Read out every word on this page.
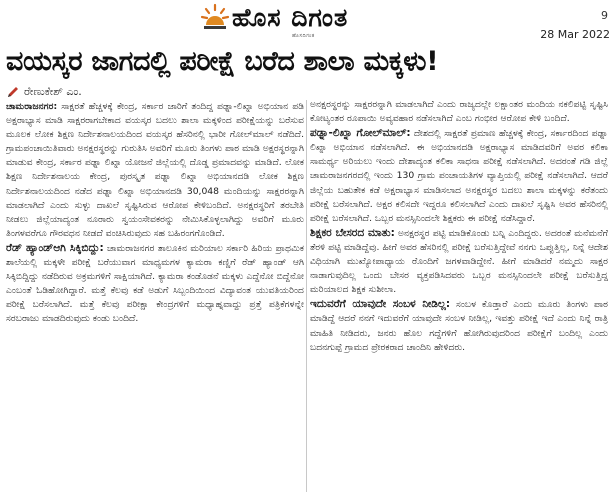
ಹೊಸ ದಿಗಂತ
ಹೊಸದಿಗಂತ
9
28 Mar 2022
ವಯಸ್ಕರ ಜಾಗದಲ್ಲಿ ಪರೀಕ್ಷೆ ಬರೆದ ಶಾಲಾ ಮಕ್ಕಳು!
ರೇಣುಕೇಶ್ ಎಂ.

ಚಾಮರಾಜನಗರ: ಸಾಕ್ಷರತೆ ಹೆಚ್ಚಳಕ್ಕೆ ಕೇಂದ್ರ, ಸರ್ಕಾರ ಜಾರಿಗೆ ತಂದಿದ್ದ ಪಢ್ನಾ-ಲಿಖ್ನಾ ಅಭಿಯಾನ ಪಡಿ ಅಕ್ಷರಾಭ್ಯಾಸ ಮಾಡಿ ಸಾಕ್ಷರರಾಗಬೇಕಾದ ವಯಸ್ಕರ ಬದಲು ಶಾಲಾ ಮಕ್ಕಳಿಂದ ಪರೀಕ್ಷೆಯನ್ನು ಬರೆಸುವ ಮೂಲಕ ಲೋಕ ಶಿಕ್ಷಣ ನಿರ್ದೇಶನಾಲಯದಿಂದ ವಯಸ್ಕರ ಹೆಸರಿನಲ್ಲಿ ಭಾರೀ ಗೋಲ್‌ಮಾಲ್ ನಡೆದಿದೆ. ಗ್ರಾಮಪಂಚಾಯಿತಿವಾರು ಅನಕ್ಷರಸ್ಥರನ್ನು ಗುರುತಿಸಿ ಅವರಿಗೆ ಮೂರು ತಿಂಗಳು ಪಾಠ ಮಾಡಿ ಅಕ್ಷರಸ್ಥರನ್ನಾಗಿ ಮಾಡುವ ಕೇಂದ್ರ, ಸರ್ಕಾರ ಪಢ್ನಾ ಲಿಖ್ನಾ ಯೋಜನೆ ಜಿಲ್ಲೆಯಲ್ಲಿ ದೊಡ್ಡ ಪ್ರಮಾದವನ್ನು ಮಾಡಿದೆ. ಲೋಕ ಶಿಕ್ಷಣ ನಿರ್ದೇಶನಾಲಯ ಕೇಂದ್ರ, ಪುರಸ್ಕೃತ ಪಢ್ನಾ ಲಿಖ್ನಾ ಅಭಿಯಾನದಡಿ ಲೋಕ ಶಿಕ್ಷಣ ನಿರ್ದೇಶನಾಲಯದಿಂದ ನಡೆದ ಪಢ್ನಾ ಲಿಖ್ನಾ ಅಭಿಯಾನದಡಿ 30,048 ಮಂದಿಯನ್ನು ಸಾಕ್ಷರರನ್ನಾಗಿ ಮಾಡಲಾಗಿದೆ ಎಂದು ಸುಳ್ಳು ದಾಖಲೆ ಸೃಷ್ಟಿಸಿರುವ ಆರೋಪ ಕೇಳಿಬಂದಿದೆ. ಅನಕ್ಷರಸ್ಥರಿಗೆ ತರಬೇತಿ ನೀಡಲು ಜಿಲ್ಲೆಯಾದ್ಯಂತ ನೂರಾರು ಸ್ವಯಂಸೇವಕರನ್ನು ನೇಮಿಸಿಕೊಳ್ಳಲಾಗಿದ್ದು ಅವರಿಗೆ ಮೂರು ತಿಂಗಳವರೆಗೂ ಗೌರವಧನ ನೀಡದೆ ವಂಚಿಸಿರುವುದು ಸಹ ಬಹಿರಂಗಗೊಂಡಿದೆ.

ರೆಡ್ ಹ್ಯಾಂಡ್ಆಗಿ ಸಿಕ್ಕಿಬಿದ್ದು: ಚಾಮರಾಜನಗರ ತಾಲೂಕಿನ ಮರಿಯಾಲ ಸರ್ಕಾರಿ ಹಿರಿಯ ಪ್ರಾಥಮಿಕ ಶಾಲೆಯಲ್ಲಿ ಮಕ್ಕಳೇ ಪರೀಕ್ಷೆ ಬರೆಯುವಾಗ ಮಾಧ್ಯಮಗಳ ಕ್ಯಾಮರಾ ಕಣ್ಣಿಗೆ ರೆಡ್ ಹ್ಯಾಂಡ್ ಆಗಿ ಸಿಕ್ಕಿಬಿದ್ದಿದ್ದು ನಡೆದಿರುವ ಅಕ್ರಮಗಳಿಗೆ ಸಾಕ್ಷಿಯಾಗಿದೆ. ಕ್ಯಾಮರಾ ಕಂಡೊಡನೆ ಮಕ್ಕಳು ಎದ್ದೆನೋ ಬಿದ್ದೆನೋ ಎಂಬಂತೆ ಓಡಿಹೋಗಿದ್ದಾರೆ. ಮತ್ತೆ ಕೆಲವು ಕಡೆ ಅಡುಗೆ ಸಿಬ್ಬಂದಿಯಿಂದ ವಿದ್ಯಾವಂತ ಯುವತಿಯರಿಂದ ಪರೀಕ್ಷೆ ಬರೆಸಲಾಗಿದೆ. ಮತ್ತೆ ಕೆಲವು ಪರೀಕ್ಷಾ ಕೇಂದ್ರಗಳಿಗೆ ಮಧ್ಯಾಹ್ನವಾದ್ದು ಪ್ರತ್ತೆ ಪತ್ರಿಕೆಗಳನ್ನೇ ಸರಬರಾಜು ಮಾಡದಿರುವುದು ಕಂಡು ಬಂದಿದೆ.

ಅನಕ್ಷರಸ್ಥರನ್ನು ಸಾಕ್ಷರರನ್ನಾಗಿ ಮಾಡಲಾಗಿದೆ ಎಂದು ರಾಜ್ಯದಲ್ಲೇ ಲಕ್ಷಾಂತರ ಮಂದಿಯ ನಕಲಿಪಟ್ಟಿ ಸೃಷ್ಟಿಸಿ ಕೋಟ್ಯಂತರ ರೂಪಾಯಿ ಅವ್ಯವಹಾರ ನಡೆಸಲಾಗಿದೆ ಎಂಬ ಗಂಭೀರ ಆರೋಪ ಕೇಳಿ ಬಂದಿದೆ.

ಪಢ್ನಾ-ಲಿಖ್ನಾ ಗೋಲ್‌ಮಾಲ್: ದೇಶದಲ್ಲಿ ಸಾಕ್ಷರತೆ ಪ್ರಮಾಣ ಹೆಚ್ಚಳಕ್ಕೆ ಕೇಂದ್ರ, ಸರ್ಕಾರದಿಂದ ಪಢ್ನಾ ಲಿಖ್ನಾ ಅಭಿಯಾನ ನಡೆಸಲಾಗಿದೆ. ಈ ಅಭಿಯಾನದಡಿ ಅಕ್ಷರಾಭ್ಯಾಸ ಮಾಡಿದವರಿಗೆ ಅವರ ಕಲಿಕಾ ಸಾಮರ್ಥ್ಯ ಅರಿಯಲು ಇಂದು ದೇಶಾದ್ಯಂತ ಕಲಿಕಾ ಸಾಧನಾ ಪರೀಕ್ಷೆ ನಡೆಸಲಾಗಿದೆ. ಅದರಂತೆ ಗಡಿ ಜಿಲ್ಲೆ ಚಾಮರಾಜನಗರದಲ್ಲಿ ಇಂದು 130 ಗ್ರಾಮ ಪಂಚಾಯತಿಗಳ ವ್ಯಾಪ್ತಿಯಲ್ಲಿ ಪರೀಕ್ಷೆ ನಡೆಸಲಾಗಿದೆ. ಆದರೆ ಜಿಲ್ಲೆಯ ಬಹುತೇಕ ಕಡೆ ಅಕ್ಷರಾಭ್ಯಾಸ ಮಾಡಿಸಲಾದ ಅನಕ್ಷರಸ್ಥರ ಬದಲು ಶಾಲಾ ಮಕ್ಕಳನ್ನು ಕರೆತಂದು ಪರೀಕ್ಷೆ ಬರೆಸಲಾಗಿದೆ. ಅಕ್ಷರ ಕಲಿಸದೇ ಇದ್ದರೂ ಕಲಿಸಲಾಗಿದೆ ಎಂದು ದಾಖಲೆ ಸೃಷ್ಟಿಸಿ ಅವರ ಹೆಸರಿನಲ್ಲಿ ಪರೀಕ್ಷೆ ಬರೆಸಲಾಗಿದೆ. ಒಬ್ಬರ ಮನಸ್ಸಿನಿಂದಲೇ ಶಿಕ್ಷಕರು ಈ ಪರೀಕ್ಷೆ ನಡೆಸಿದ್ದಾರೆ.

ಶಿಕ್ಷಕರ ಬೇಸರದ ಮಾತು: ಅನಕ್ಷರಸ್ಥರ ಪಟ್ಟಿ ಮಾಡಿಕೊಂಡು ಬನ್ನಿ ಎಂದಿದ್ದರು. ಅದರಂತೆ ಮನೆಮನೆಗೆ ತೆರಳಿ ಪಟ್ಟಿ ಮಾಡಿದ್ದೆವು. ಹೀಗೆ ಅವರ ಹೆಸರಿನಲ್ಲಿ ಪರೀಕ್ಷೆ ಬರೆಸುತ್ತಿದ್ದೇವೆ ನನಗು ಒಪ್ಪುತ್ತಿಲ್ಲ, ನಿನ್ನೆ ಆದೇಶ ವಿಧಿಯಾಗಿ ಮುಖ್ಯೋಪಾಧ್ಯಾಯ ರೊಂದಿಗೆ ಜಗಳವಾಡಿದ್ದೇನೆ. ಹೀಗೆ ಮಾಡಿದರೆ ನಮ್ಮದು ಸಾಕ್ಷರ ನಾಡಾಗುವುದಿಲ್ಲ ಒಂದು ಬೇಸರ ವ್ಯಕ್ತಪಡಿಸಿದವರು ಒಬ್ಬರ ಮನಸ್ಸಿನಿಂದಲೇ ಪರೀಕ್ಷೆ ಬರೆಸುತ್ತಿದ್ದ ಮರಿಯಾಲದ ಶಿಕ್ಷಕ ಸುಶೀಲಾ.

ಇದುವರೆಗೆ ಯಾವುದೇ ಸಂಬಳ ನೀಡಿಲ್ಲ: ಸಂಬಳ ಕೊಡ್ತಾರೆ ಎಂದು ಮೂರು ತಿಂಗಳು ಪಾಠ ಮಾಡಿದ್ದೆ ಆದರೆ ನನಗೆ ಇದುವರೆಗೆ ಯಾವುದೇ ಸಂಬಳ ನೀಡಿಲ್ಲ, ಇವತ್ತು ಪರೀಕ್ಷೆ ಇದೆ ಎಂದು ನಿನ್ನೆ ರಾತ್ರಿ ಮಾಹಿತಿ ನೀಡಿದರು, ಜನರು ಹೊಲ ಗದ್ದೆಗಳಿಗೆ ಹೋಗಿರುವುದರಿಂದ ಪರೀಕ್ಷೆಗೆ ಬಂದಿಲ್ಲ ಎಂದು ಬದನಗುಪ್ಪೆ ಗ್ರಾಮದ ಪ್ರೇರಕರಾದ ಚಾಂದಿನಿ ಹೇಳಿದರು.
